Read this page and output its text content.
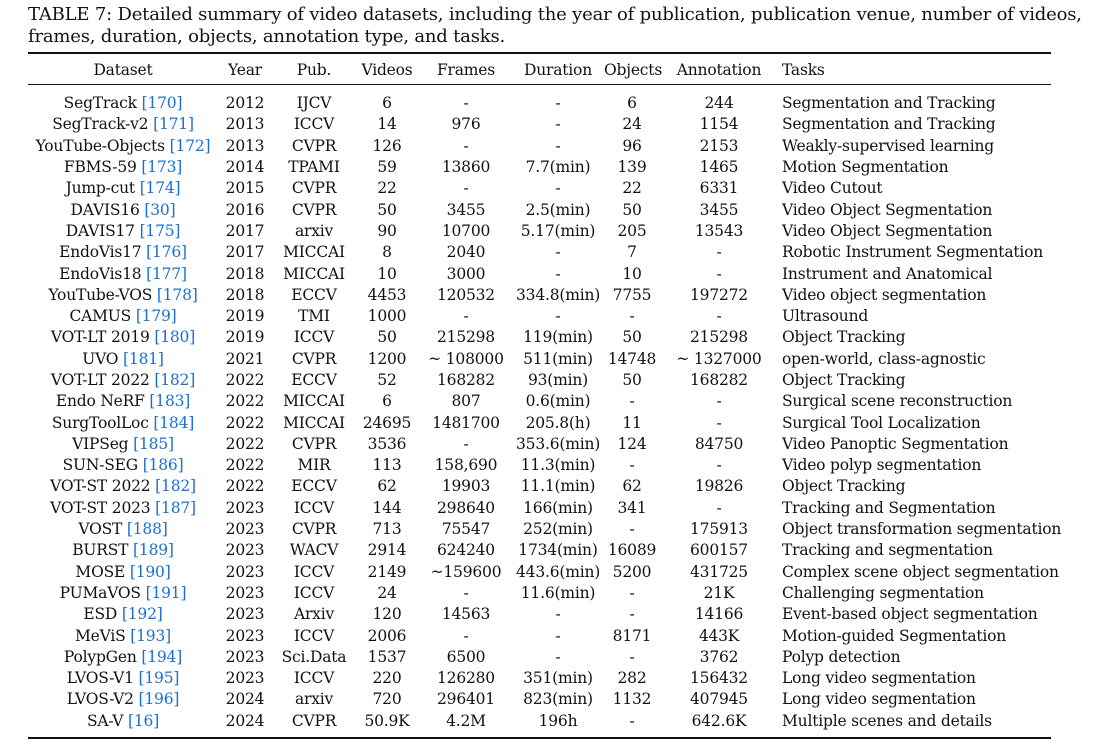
TABLE 7: Detailed summary of video datasets, including the year of publication, publication venue, number of videos, frames, duration, objects, annotation type, and tasks.
Dataset	Year	Pub.	Videos	Frames	Duration	Objects	Annotation	Tasks
SegTrack [170]	2012	IJCV	6	-	-	6	244	Segmentation and Tracking
SegTrack-v2 [171]	2013	ICCV	14	976	-	24	1154	Segmentation and Tracking
YouTube-Objects [172]	2013	CVPR	126	-	-	96	2153	Weakly-supervised learning
FBMS-59 [173]	2014	TPAMI	59	13860	7.7(min)	139	1465	Motion Segmentation
Jump-cut [174]	2015	CVPR	22	-	-	22	6331	Video Cutout
DAVIS16 [30]	2016	CVPR	50	3455	2.5(min)	50	3455	Video Object Segmentation
DAVIS17 [175]	2017	arxiv	90	10700	5.17(min)	205	13543	Video Object Segmentation
EndoVis17 [176]	2017	MICCAI	8	2040	-	7	-	Robotic Instrument Segmentation
EndoVis18 [177]	2018	MICCAI	10	3000	-	10	-	Instrument and Anatomical
YouTube-VOS [178]	2018	ECCV	4453	120532	334.8(min)	7755	197272	Video object segmentation
CAMUS [179]	2019	TMI	1000	-	-	-	-	Ultrasound
VOT-LT 2019 [180]	2019	ICCV	50	215298	119(min)	50	215298	Object Tracking
UVO [181]	2021	CVPR	1200	~ 108000	511(min)	14748	~ 1327000	open-world, class-agnostic
VOT-LT 2022 [182]	2022	ECCV	52	168282	93(min)	50	168282	Object Tracking
Endo NeRF [183]	2022	MICCAI	6	807	0.6(min)	-	-	Surgical scene reconstruction
SurgToolLoc [184]	2022	MICCAI	24695	1481700	205.8(h)	11	-	Surgical Tool Localization
VIPSeg [185]	2022	CVPR	3536	-	353.6(min)	124	84750	Video Panoptic Segmentation
SUN-SEG [186]	2022	MIR	113	158,690	11.3(min)	-	-	Video polyp segmentation
VOT-ST 2022 [182]	2022	ECCV	62	19903	11.1(min)	62	19826	Object Tracking
VOT-ST 2023 [187]	2023	ICCV	144	298640	166(min)	341	-	Tracking and Segmentation
VOST [188]	2023	CVPR	713	75547	252(min)	-	175913	Object transformation segmentation
BURST [189]	2023	WACV	2914	624240	1734(min)	16089	600157	Tracking and segmentation
MOSE [190]	2023	ICCV	2149	~159600	443.6(min)	5200	431725	Complex scene object segmentation
PUMaVOS [191]	2023	ICCV	24	-	11.6(min)	-	21K	Challenging segmentation
ESD [192]	2023	Arxiv	120	14563	-	-	14166	Event-based object segmentation
MeViS [193]	2023	ICCV	2006	-	-	8171	443K	Motion-guided Segmentation
PolypGen [194]	2023	Sci.Data	1537	6500	-	-	3762	Polyp detection
LVOS-V1 [195]	2023	ICCV	220	126280	351(min)	282	156432	Long video segmentation
LVOS-V2 [196]	2024	arxiv	720	296401	823(min)	1132	407945	Long video segmentation
SA-V [16]	2024	CVPR	50.9K	4.2M	196h	-	642.6K	Multiple scenes and details
